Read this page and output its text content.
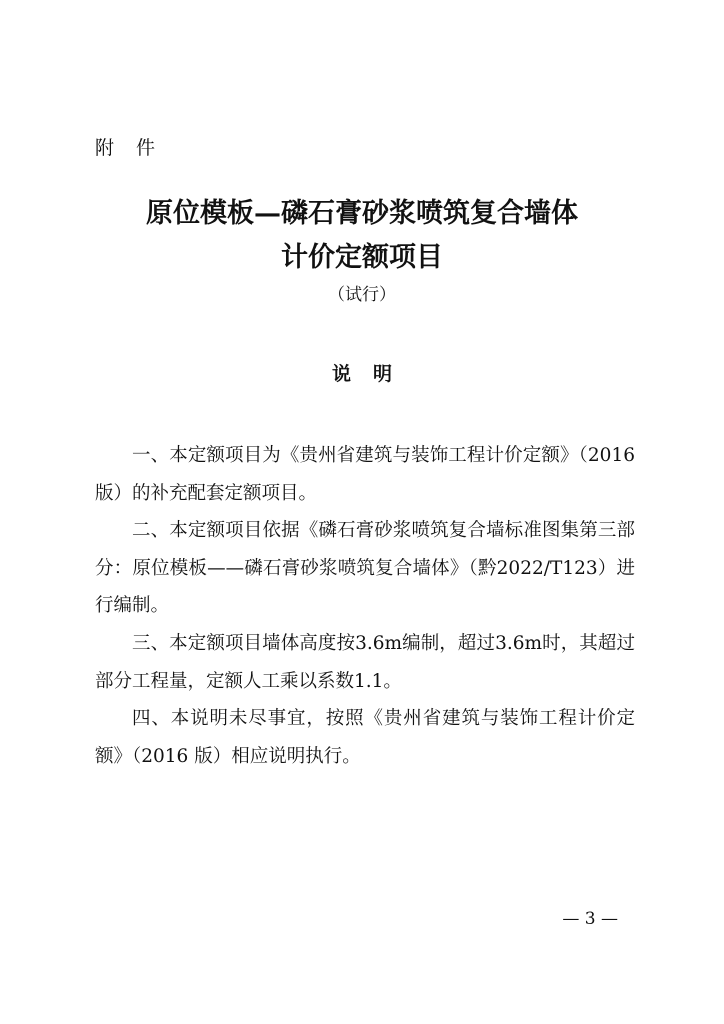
附件
原位模板—磷石膏砂浆喷筑复合墙体
计价定额项目
（试行）
说明

一、本定额项目为《贵州省建筑与装饰工程计价定额》（2016版）的补充配套定额项目。

二、本定额项目依据《磷石膏砂浆喷筑复合墙标准图集第三部分：原位模板——磷石膏砂浆喷筑复合墙体》（黔2022/T123）进行编制。

三、本定额项目墙体高度按3.6m编制，超过3.6m时，其超过部分工程量，定额人工乘以系数1.1。

四、本说明未尽事宜，按照《贵州省建筑与装饰工程计价定额》（2016 版）相应说明执行。

— 3 —
